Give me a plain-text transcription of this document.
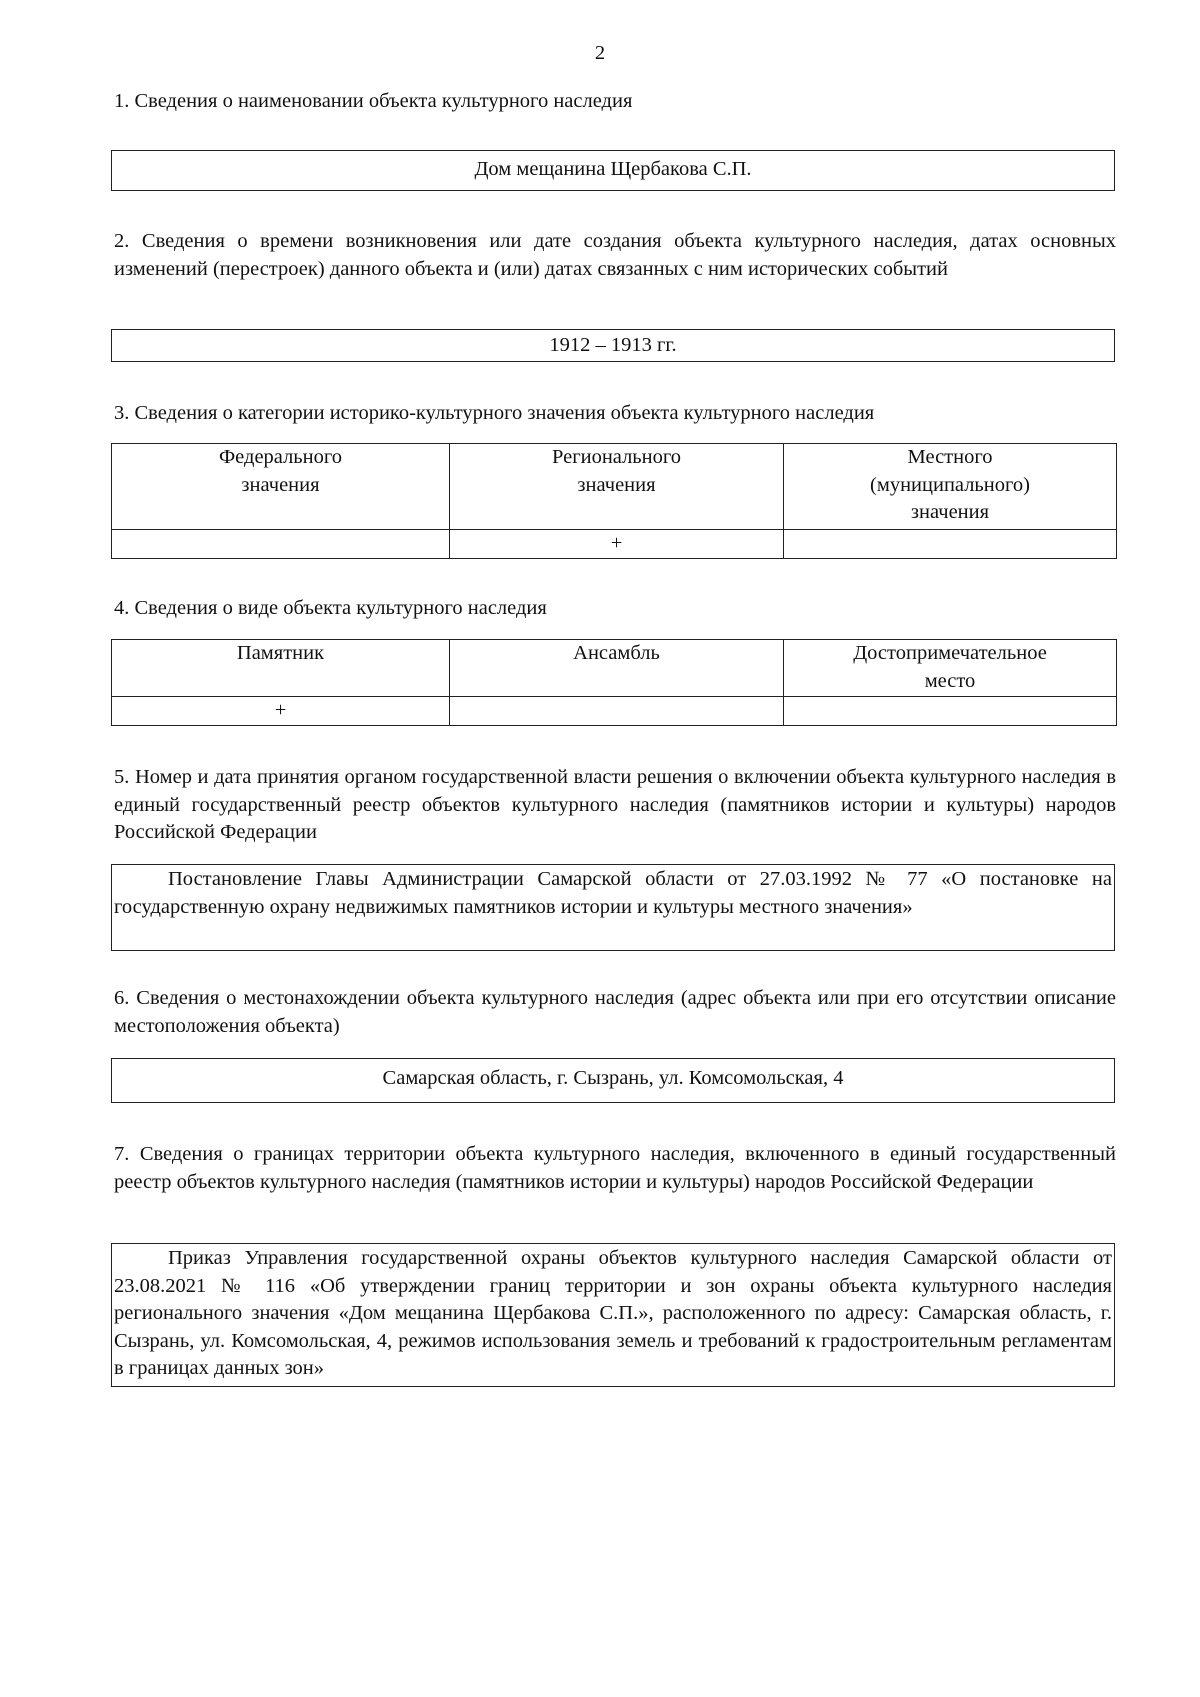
2
1. Сведения о наименовании объекта культурного наследия
Дом мещанина Щербакова С.П.
2. Сведения о времени возникновения или дате создания объекта культурного наследия, датах основных изменений (перестроек) данного объекта и (или) датах связанных с ним исторических событий
1912 – 1913 гг.
3. Сведения о категории историко-культурного значения объекта культурного наследия
Федерального значения	Регионального значения	Местного (муниципального) значения

	+	
4. Сведения о виде объекта культурного наследия
Памятник	Ансамбль	Достопримечательное место

+		
5. Номер и дата принятия органом государственной власти решения о включении объекта культурного наследия в единый государственный реестр объектов культурного наследия (памятников истории и культуры) народов Российской Федерации
Постановление Главы Администрации Самарской области от 27.03.1992 № 77 «О постановке на государственную охрану недвижимых памятников истории и культуры местного значения»
6. Сведения о местонахождении объекта культурного наследия (адрес объекта или при его отсутствии описание местоположения объекта)
Самарская область, г. Сызрань, ул. Комсомольская, 4
7. Сведения о границах территории объекта культурного наследия, включенного в единый государственный реестр объектов культурного наследия (памятников истории и культуры) народов Российской Федерации
Приказ Управления государственной охраны объектов культурного наследия Самарской области от 23.08.2021 № 116 «Об утверждении границ территории и зон охраны объекта культурного наследия регионального значения «Дом мещанина Щербакова С.П.», расположенного по адресу: Самарская область, г. Сызрань, ул. Комсомольская, 4, режимов использования земель и требований к градостроительным регламентам в границах данных зон»
